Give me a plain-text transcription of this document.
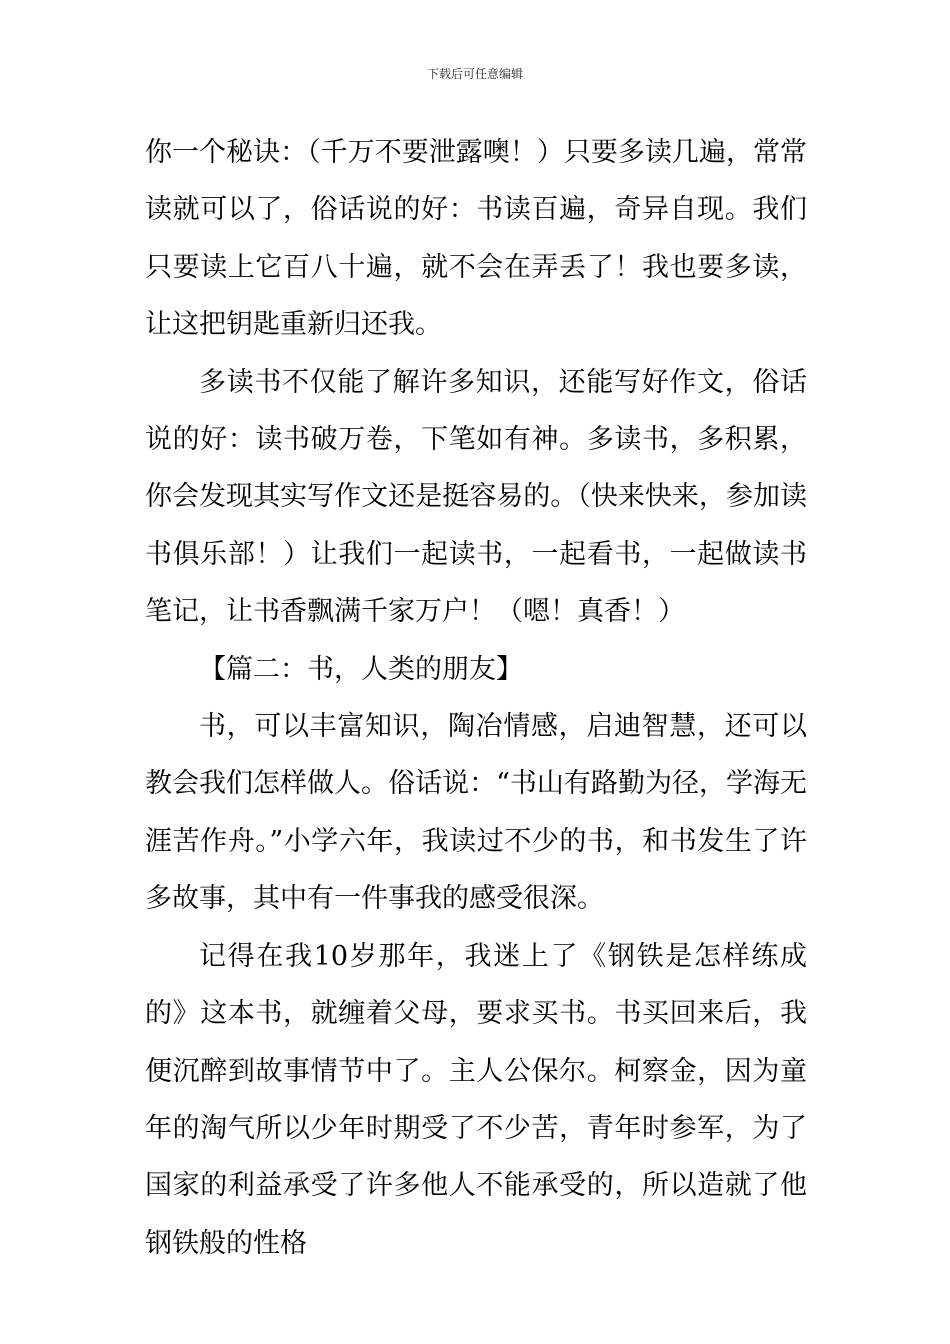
下载后可任意编辑

你一个秘诀：（千万不要泄露噢！）只要多读几遍，常常读就可以了，俗话说的好：书读百遍，奇异自现。我们只要读上它百八十遍，就不会在弄丢了！我也要多读，让这把钥匙重新归还我。

多读书不仅能了解许多知识，还能写好作文，俗话说的好：读书破万卷，下笔如有神。多读书，多积累，你会发现其实写作文还是挺容易的。（快来快来，参加读书俱乐部！）让我们一起读书，一起看书，一起做读书笔记，让书香飘满千家万户！（嗯！真香！）

【篇二：书，人类的朋友】

书，可以丰富知识，陶冶情感，启迪智慧，还可以教会我们怎样做人。俗话说：“书山有路勤为径，学海无涯苦作舟。”小学六年，我读过不少的书，和书发生了许多故事，其中有一件事我的感受很深。

记得在我10岁那年，我迷上了《钢铁是怎样练成的》这本书，就缠着父母，要求买书。书买回来后，我便沉醉到故事情节中了。主人公保尔。柯察金，因为童年的淘气所以少年时期受了不少苦，青年时参军，为了国家的利益承受了许多他人不能承受的，所以造就了他钢铁般的性格
